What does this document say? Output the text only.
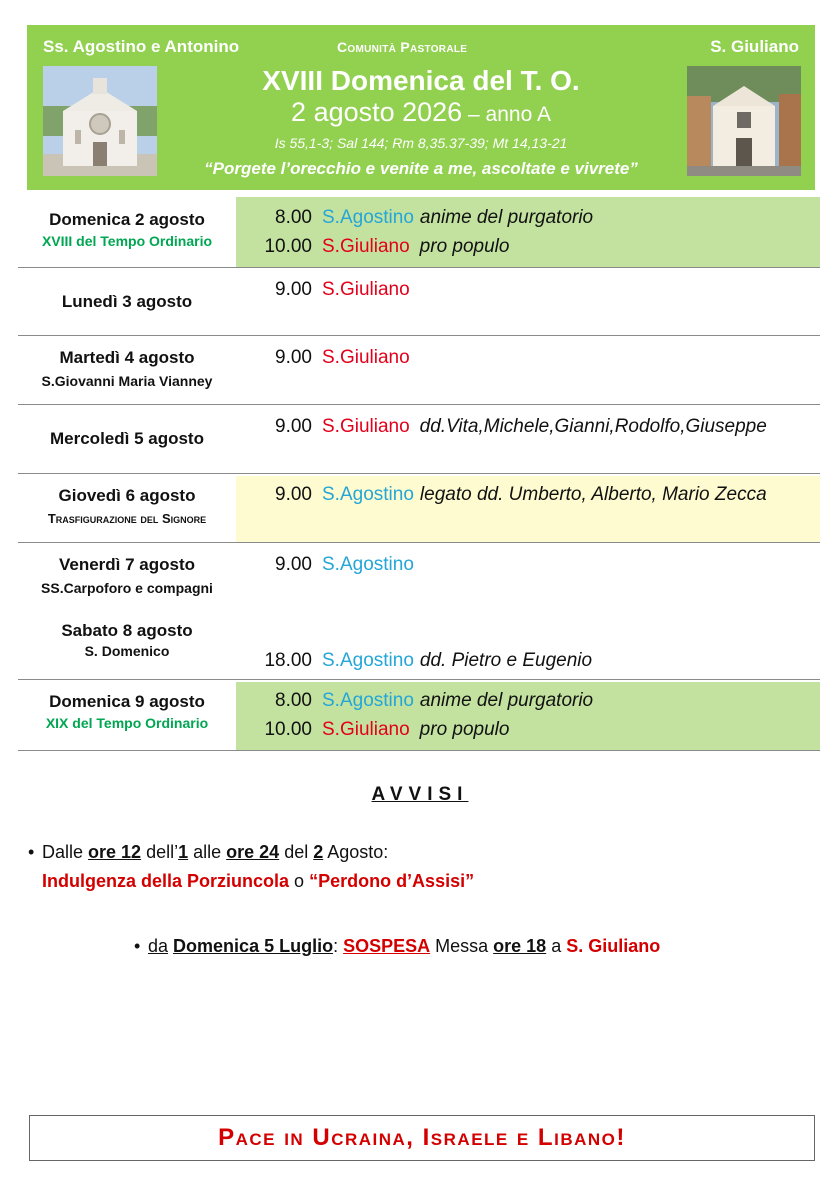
Ss. Agostino e Antonino	Comunità Pastorale	S. Giuliano
XVIII Domenica del T. O.
2 agosto 2026 – anno A
Is 55,1-3; Sal 144; Rm 8,35.37-39; Mt 14,13-21
“Porgete l’orecchio e venite a me, ascoltate e vivrete”
8.00 S.Agostino anime del purgatorio
10.00 S.Giuliano pro populo
Domenica 2 agosto
XVIII del Tempo Ordinario
9.00 S.Giuliano
Lunedì 3 agosto
9.00 S.Giuliano
Martedì 4 agosto
S.Giovanni Maria Vianney
9.00 S.Giuliano dd.Vita,Michele,Gianni,Rodolfo,Giuseppe
Mercoledì 5 agosto
9.00 S.Agostino legato dd. Umberto, Alberto, Mario Zecca
Giovedì 6 agosto
Trasfigurazione del Signore
9.00 S.Agostino
Venerdì 7 agosto
SS.Carpoforo e compagni
18.00 S.Agostino dd. Pietro e Eugenio
Sabato 8 agosto
S. Domenico
8.00 S.Agostino anime del purgatorio
10.00 S.Giuliano pro populo
Domenica 9 agosto
XIX del Tempo Ordinario
AVVISI
• Dalle ore 12 dell’1 alle ore 24 del 2 Agosto:
Indulgenza della Porziuncola o “Perdono d’Assisi”
• da Domenica 5 Luglio: SOSPESA Messa ore 18 a S. Giuliano
Pace in Ucraina, Israele e Libano!
